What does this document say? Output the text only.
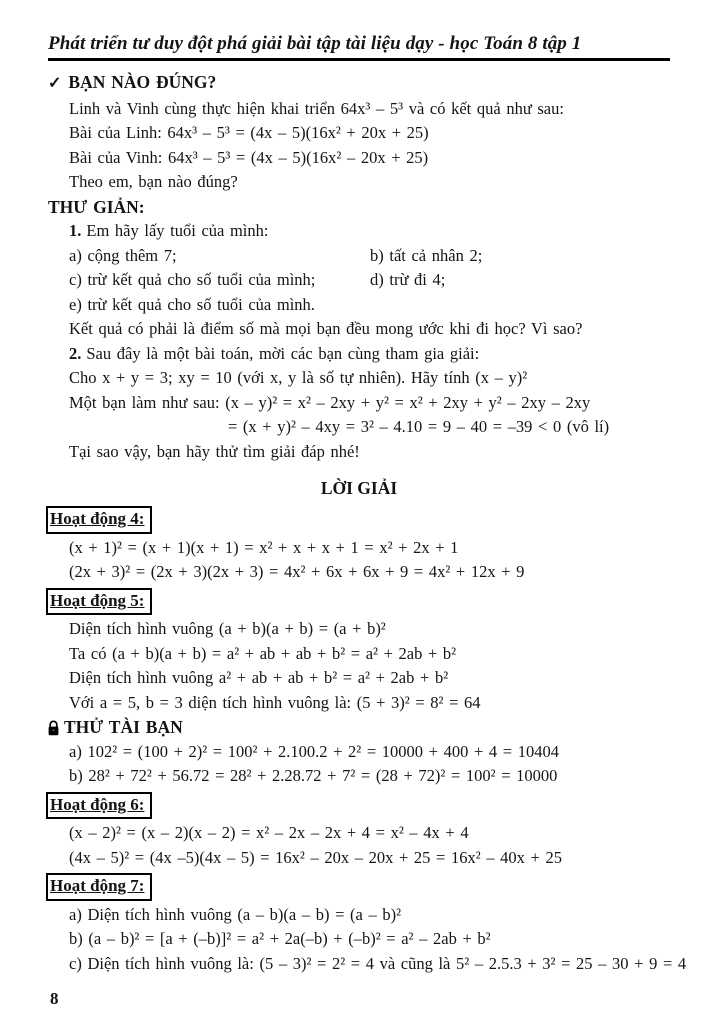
Phát triển tư duy đột phá giải bài tập tài liệu dạy - học Toán 8 tập 1
✓ BẠN NÀO ĐÚNG?
Linh và Vinh cùng thực hiện khai triển 64x³ – 5³ và có kết quả như sau:
Bài của Linh: 64x³ – 5³ = (4x – 5)(16x² + 20x + 25)
Bài của Vinh: 64x³ – 5³ = (4x – 5)(16x² – 20x + 25)
Theo em, bạn nào đúng?
THƯ GIẢN:
1. Em hãy lấy tuổi của mình:
a) cộng thêm 7;	b) tất cả nhân 2;
c) trừ kết quả cho số tuổi của mình;	d) trừ đi 4;
e) trừ kết quả cho số tuổi của mình.
Kết quả có phải là điểm số mà mọi bạn đều mong ước khi đi học? Vì sao?
2. Sau đây là một bài toán, mời các bạn cùng tham gia giải:
Cho x + y = 3; xy = 10 (với x, y là số tự nhiên). Hãy tính (x – y)²
Một bạn làm như sau: (x – y)² = x² – 2xy + y² = x² + 2xy + y² – 2xy – 2xy
= (x + y)² – 4xy = 3² – 4.10 = 9 – 40 = –39 < 0 (vô lí)
Tại sao vậy, bạn hãy thử tìm giải đáp nhé!
LỜI GIẢI
Hoạt động 4:
(x + 1)² = (x + 1)(x + 1) = x² + x + x + 1 = x² + 2x + 1
(2x + 3)² = (2x + 3)(2x + 3) = 4x² + 6x + 6x + 9 = 4x² + 12x + 9
Hoạt động 5:
Diện tích hình vuông (a + b)(a + b) = (a + b)²
Ta có (a + b)(a + b) = a² + ab + ab + b² = a² + 2ab + b²
Diện tích hình vuông a² + ab + ab + b² = a² + 2ab + b²
Với a = 5, b = 3 diện tích hình vuông là: (5 + 3)² = 8² = 64
THỬ TÀI BẠN
a) 102² = (100 + 2)² = 100² + 2.100.2 + 2² = 10000 + 400 + 4 = 10404
b) 28² + 72² + 56.72 = 28² + 2.28.72 + 7² = (28 + 72)² = 100² = 10000
Hoạt động 6:
(x – 2)² = (x – 2)(x – 2) = x² – 2x – 2x + 4 = x² – 4x + 4
(4x – 5)² = (4x –5)(4x – 5) = 16x² – 20x – 20x + 25 = 16x² – 40x + 25
Hoạt động 7:
a) Diện tích hình vuông (a – b)(a – b) = (a – b)²
b) (a – b)² = [a + (–b)]² = a² + 2a(–b) + (–b)² = a² – 2ab + b²
c) Diện tích hình vuông là: (5 – 3)² = 2² = 4 và cũng là 5² – 2.5.3 + 3² = 25 – 30 + 9 = 4
8
